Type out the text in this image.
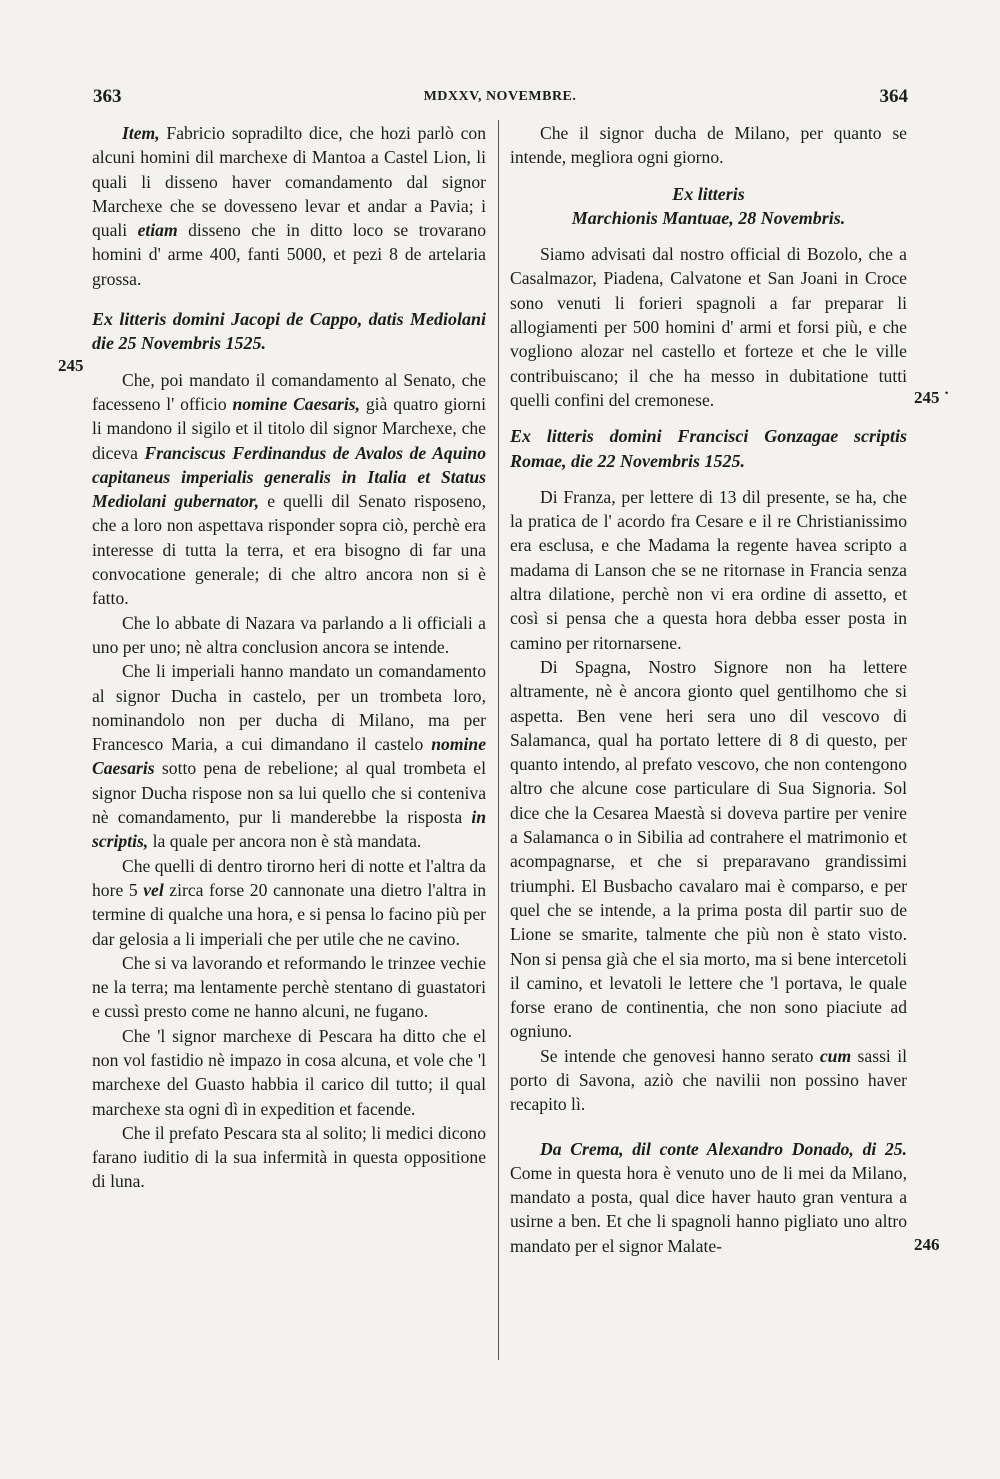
363	MDXXV, NOVEMBRE.	364
245
245 ˙
246

Item, Fabricio sopradilto dice, che hozi parlò con alcuni homini dil marchexe di Mantoa a Castel Lion, li quali li disseno haver comandamento dal signor Marchexe che se dovesseno levar et andar a Pavia; i quali etiam disseno che in ditto loco se trovarano homini d' arme 400, fanti 5000, et pezi 8 de artelaria grossa.

Ex litteris domini Jacopi de Cappo, datis Mediolani die 25 Novembris 1525.

Che, poi mandato il comandamento al Senato, che facesseno l' officio nomine Caesaris, già quatro giorni li mandono il sigilo et il titolo dil signor Marchexe, che diceva Franciscus Ferdinandus de Avalos de Aquino capitaneus imperialis generalis in Italia et Status Mediolani gubernator, e quelli dil Senato risposeno, che a loro non aspettava risponder sopra ciò, perchè era interesse di tutta la terra, et era bisogno di far una convocatione generale; di che altro ancora non si è fatto.

Che lo abbate di Nazara va parlando a li officiali a uno per uno; nè altra conclusion ancora se intende.

Che li imperiali hanno mandato un comandamento al signor Ducha in castelo, per un trombeta loro, nominandolo non per ducha di Milano, ma per Francesco Maria, a cui dimandano il castelo nomine Caesaris sotto pena de rebelione; al qual trombeta el signor Ducha rispose non sa lui quello che si conteniva nè comandamento, pur li manderebbe la risposta in scriptis, la quale per ancora non è stà mandata.

Che quelli di dentro tirorno heri di notte et l'altra da hore 5 vel zirca forse 20 cannonate una dietro l'altra in termine di qualche una hora, e si pensa lo facino più per dar gelosia a li imperiali che per utile che ne cavino.

Che si va lavorando et reformando le trinzee vechie ne la terra; ma lentamente perchè stentano di guastatori e cussì presto come ne hanno alcuni, ne fugano.

Che 'l signor marchexe di Pescara ha ditto che el non vol fastidio nè impazo in cosa alcuna, et vole che 'l marchexe del Guasto habbia il carico dil tutto; il qual marchexe sta ogni dì in expedition et facende.

Che il prefato Pescara sta al solito; li medici dicono farano iuditio di la sua infermità in questa oppositione di luna.

Che il signor ducha de Milano, per quanto se intende, megliora ogni giorno.

Ex litteris

Marchionis Mantuae, 28 Novembris.

Siamo advisati dal nostro official di Bozolo, che a Casalmazor, Piadena, Calvatone et San Joani in Croce sono venuti li forieri spagnoli a far preparar li allogiamenti per 500 homini d' armi et forsi più, e che vogliono alozar nel castello et forteze et che le ville contribuiscano; il che ha messo in dubitatione tutti quelli confini del cremonese.

Ex litteris domini Francisci Gonzagae scriptis Romae, die 22 Novembris 1525.

Di Franza, per lettere di 13 dil presente, se ha, che la pratica de l' acordo fra Cesare e il re Christianissimo era esclusa, e che Madama la regente havea scripto a madama di Lanson che se ne ritornase in Francia senza altra dilatione, perchè non vi era ordine di assetto, et così si pensa che a questa hora debba esser posta in camino per ritornarsene.

Di Spagna, Nostro Signore non ha lettere altramente, nè è ancora gionto quel gentilhomo che si aspetta. Ben vene heri sera uno dil vescovo di Salamanca, qual ha portato lettere di 8 di questo, per quanto intendo, al prefato vescovo, che non contengono altro che alcune cose particulare di Sua Signoria. Sol dice che la Cesarea Maestà si doveva partire per venire a Salamanca o in Sibilia ad contrahere el matrimonio et acompagnarse, et che si preparavano grandissimi triumphi. El Busbacho cavalaro mai è comparso, e per quel che se intende, a la prima posta dil partir suo de Lione se smarite, talmente che più non è stato visto. Non si pensa già che el sia morto, ma si bene intercetoli il camino, et levatoli le lettere che 'l portava, le quale forse erano de continentia, che non sono piaciute ad ogniuno.

Se intende che genovesi hanno serato cum sassi il porto di Savona, aziò che navilii non possino haver recapito lì.

Da Crema, dil conte Alexandro Donado, di 25. Come in questa hora è venuto uno de li mei da Milano, mandato a posta, qual dice haver hauto gran ventura a usirne a ben. Et che li spagnoli hanno pigliato uno altro mandato per el signor Malate-
